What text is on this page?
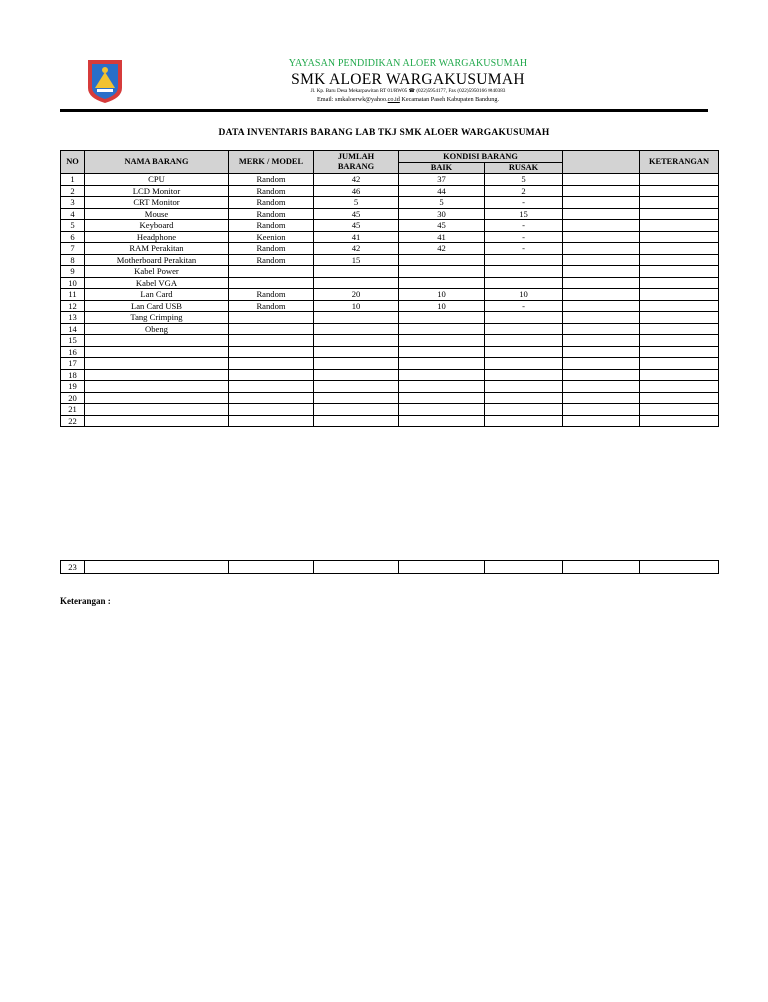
YAYASAN PENDIDIKAN ALOER WARGAKUSUMAH
SMK ALOER WARGAKUSUMAH
Jl. Kp. Baru Desa Mekarpawitan RT 01/RW05 ☎ (022)5954177, Fax (022)5950166 ✉40383
Email: smkaloerwk@yahoo.co.id Kecamatan Paseh Kabupaten Bandung.
DATA INVENTARIS BARANG LAB TKJ SMK ALOER WARGAKUSUMAH
NO	NAMA BARANG	MERK / MODEL	JUMLAH BARANG	KONDISI BARANG			KETERANGAN
				BAIK	RUSAK		
1	CPU	Random	42	37	5		
2	LCD Monitor	Random	46	44	2		
3	CRT Monitor	Random	5	5	-		
4	Mouse	Random	45	30	15		
5	Keyboard	Random	45	45	-		
6	Headphone	Keenion	41	41	-		
7	RAM Perakitan	Random	42	42	-		
8	Motherboard Perakitan	Random	15				
9	Kabel Power						
10	Kabel VGA						
11	Lan Card	Random	20	10	10		
12	Lan Card USB	Random	10	10	-		
13	Tang Crimping						
14	Obeng						
15							
16							
17							
18							
19							
20							
21							
22							
23							
Keterangan :
